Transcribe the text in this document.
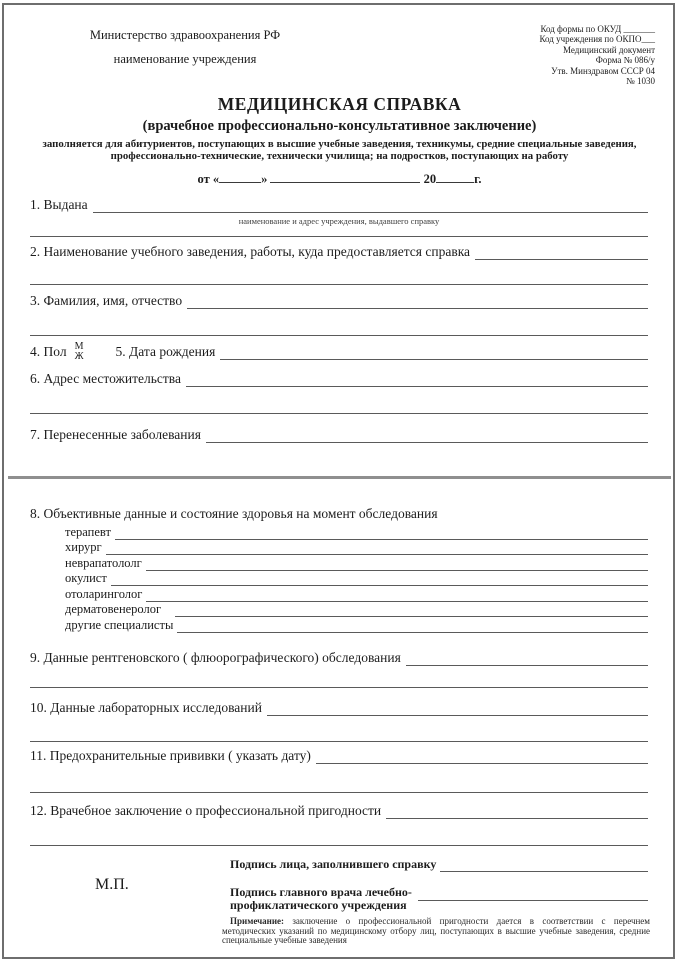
Министерство здравоохранения РФ
наименование учреждения
Код формы по ОКУД _______
Код учреждения по ОКПО___
Медицинский документ
Форма № 086/у
Утв. Минздравом СССР 04
№ 1030
МЕДИЦИНСКАЯ СПРАВКА
(врачебное профессионально-консультативное заключение)
заполняется для абитуриентов, поступающих в высшие учебные заведения, техникумы, средние специальные заведения, профессионально-технические, технически училища; на подростков, поступающих на работу
от «	»	20	г.
1. Выдана
наименование и адрес учреждения, выдавшего справку
2. Наименование учебного заведения, работы, куда предоставляется справка
3. Фамилия, имя, отчество
4. Пол М
Ж 5. Дата рождения
6. Адрес местожительства
7. Перенесенные заболевания
8. Объективные данные и состояние здоровья на момент обследования
терапевт
хирург
неврапатололг
окулист
отоларинголог
дерматовенеролог
другие специалисты
9. Данные рентгеновского ( флюорографического) обследования
10. Данные лабораторных исследований
11. Предохранительные прививки ( указать дату)
12. Врачебное заключение о профессиональной пригодности
Подпись лица, заполнившего справку
М.П.	Подпись главного врача лечебно-
профиклатического учреждения
Примечание: заключение о профессиональной пригодности дается в соответствии с перечнем методических указаний по медицинскому отбору лиц, поступающих в высшие учебные заведения, средние специальные учебные заведения
